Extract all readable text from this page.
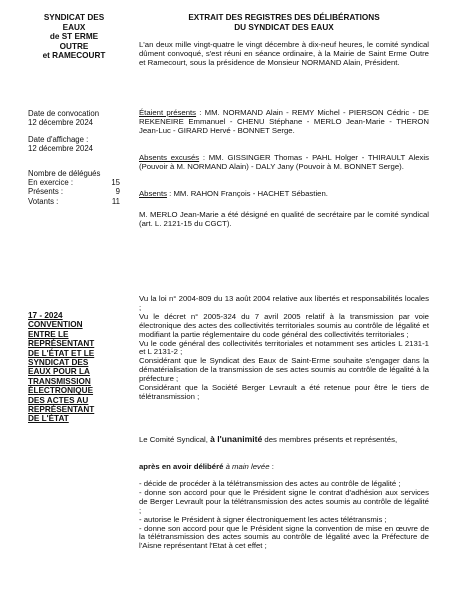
SYNDICAT DES
EAUX
de ST ERME
OUTRE
et RAMECOURT
Date de convocation
12 décembre 2024
Date d'affichage :
12 décembre 2024
Nombre de délégués
En exercice :	15
Présents :	9
Votants :	11
17 - 2024
CONVENTION
ENTRE LE
REPRÉSENTANT
DE L'ÉTAT ET LE
SYNDICAT DES
EAUX POUR LA
TRANSMISSION
ÉLECTRONIQUE
DES ACTES AU
REPRÉSENTANT
DE L'ÉTAT
EXTRAIT DES REGISTRES DES DÉLIBÉRATIONS
DU SYNDICAT DES EAUX

L'an deux mille vingt-quatre le vingt décembre à dix-neuf heures, le comité syndical dûment convoqué, s'est réuni en séance ordinaire, à la Mairie de Saint Erme Outre et Ramecourt, sous la présidence de Monsieur NORMAND Alain, Président.

Étaient présents : MM. NORMAND Alain - REMY Michel - PIERSON Cédric - DE REKENEIRE Emmanuel - CHENU Stéphane - MERLO Jean-Marie - THERON Jean-Luc - GIRARD Hervé - BONNET Serge.

Absents excusés : MM. GISSINGER Thomas - PAHL Holger - THIRAULT Alexis (Pouvoir à M. NORMAND Alain) - DALY Jany (Pouvoir à M. BONNET Serge).

Absents : MM. RAHON François - HACHET Sébastien.

M. MERLO Jean-Marie a été désigné en qualité de secrétaire par le comité syndical (art. L. 2121-15 du CGCT).

Vu la loi n° 2004-809 du 13 août 2004 relative aux libertés et responsabilités locales ;

Vu le décret n° 2005-324 du 7 avril 2005 relatif à la transmission par voie électronique des actes des collectivités territoriales soumis au contrôle de légalité et modifiant la partie réglementaire du code général des collectivités territoriales ;

Vu le code général des collectivités territoriales et notamment ses articles L 2131-1 et L 2131-2 ;

Considérant que le Syndicat des Eaux de Saint-Erme souhaite s'engager dans la dématérialisation de la transmission de ses actes soumis au contrôle de légalité à la préfecture ;

Considérant que la Société Berger Levrault a été retenue pour être le tiers de télétransmission ;

Le Comité Syndical, à l'unanimité des membres présents et représentés,

après en avoir délibéré à main levée :

- décide de procéder à la télétransmission des actes au contrôle de légalité ;

- donne son accord pour que le Président signe le contrat d'adhésion aux services de Berger Levrault pour la télétransmission des actes soumis au contrôle de légalité ;

- autorise le Président à signer électroniquement les actes télétransmis ;

- donne son accord pour que le Président signe la convention de mise en œuvre de la télétransmission des actes soumis au contrôle de légalité avec la Préfecture de l'Aisne représentant l'Etat à cet effet ;
